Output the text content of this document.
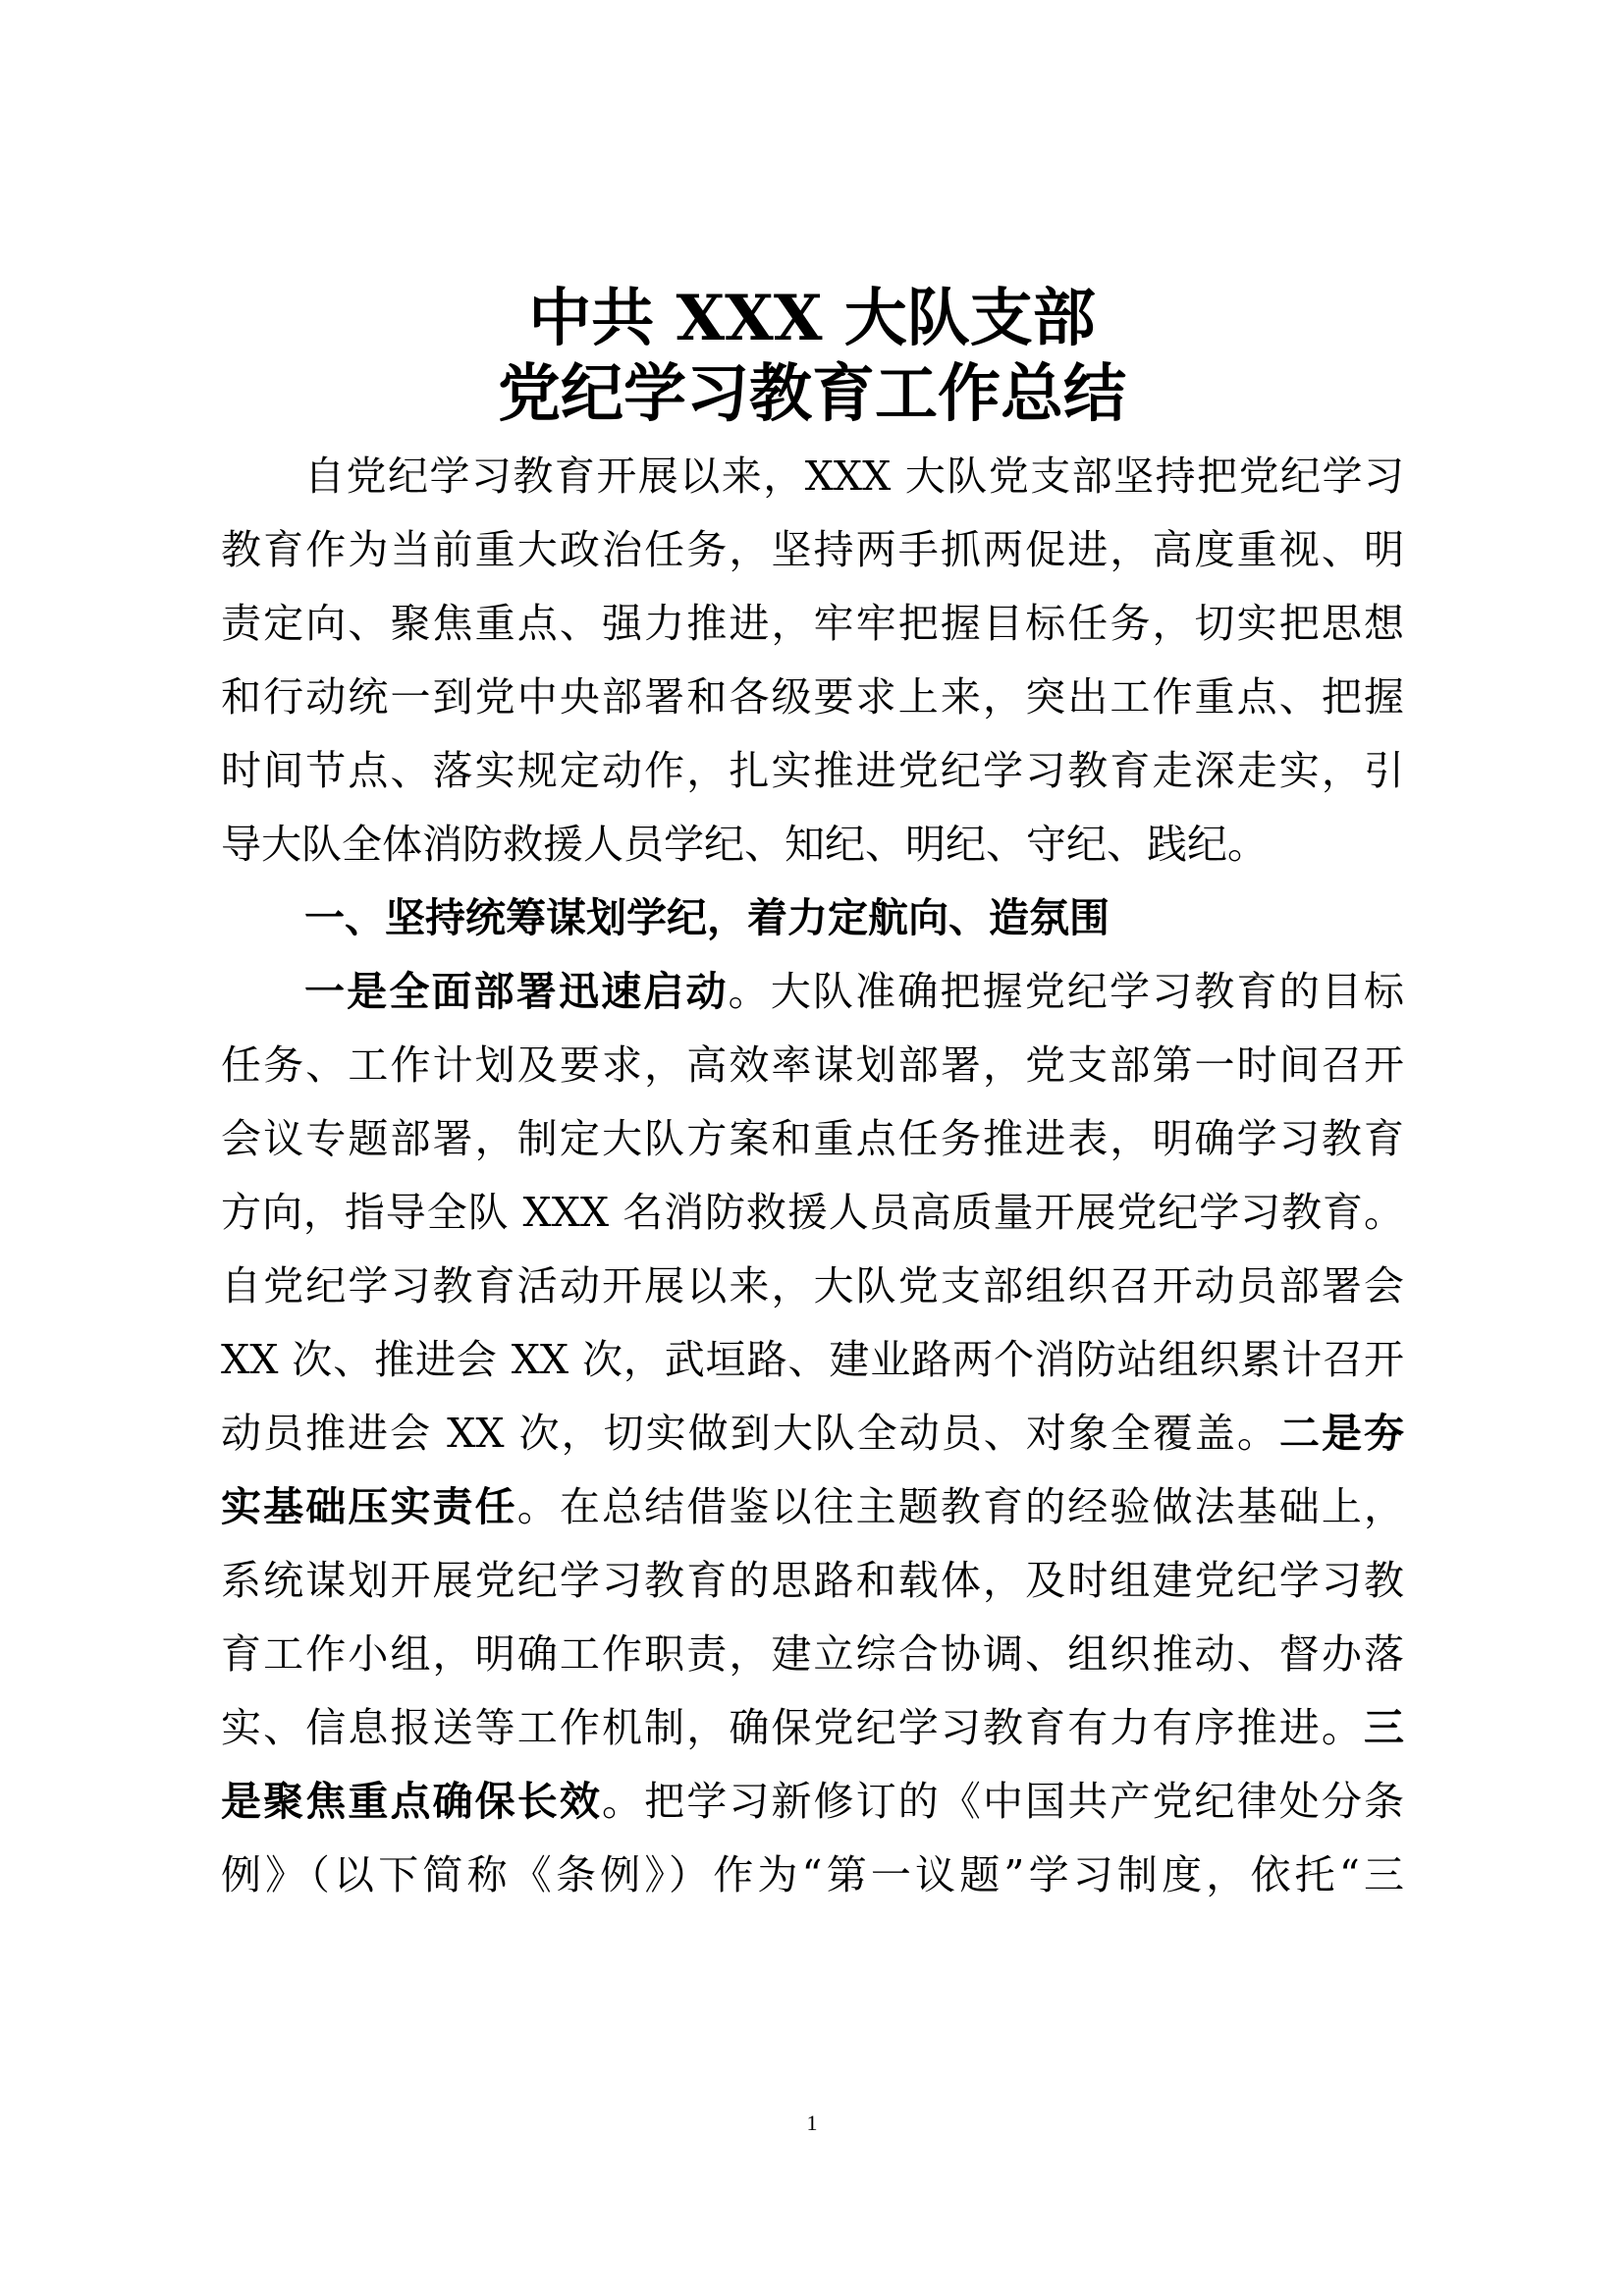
中共 XXX 大队支部
党纪学习教育工作总结
自党纪学习教育开展以来，XXX 大队党支部坚持把党纪学习
教育作为当前重大政治任务，坚持两手抓两促进，高度重视、明
责定向、聚焦重点、强力推进，牢牢把握目标任务，切实把思想
和行动统一到党中央部署和各级要求上来，突出工作重点、把握
时间节点、落实规定动作，扎实推进党纪学习教育走深走实，引
导大队全体消防救援人员学纪、知纪、明纪、守纪、践纪。
一、坚持统筹谋划学纪，着力定航向、造氛围
一是全面部署迅速启动。大队准确把握党纪学习教育的目标
任务、工作计划及要求，高效率谋划部署，党支部第一时间召开
会议专题部署，制定大队方案和重点任务推进表，明确学习教育
方向，指导全队 XXX 名消防救援人员高质量开展党纪学习教育。
自党纪学习教育活动开展以来，大队党支部组织召开动员部署会
XX 次、推进会 XX 次，武垣路、建业路两个消防站组织累计召开
动员推进会 XX 次，切实做到大队全动员、对象全覆盖。二是夯
实基础压实责任。在总结借鉴以往主题教育的经验做法基础上，
系统谋划开展党纪学习教育的思路和载体，及时组建党纪学习教
育工作小组，明确工作职责，建立综合协调、组织推动、督办落
实、信息报送等工作机制，确保党纪学习教育有力有序推进。三
是聚焦重点确保长效。把学习新修订的《中国共产党纪律处分条
例》（以下简称《条例》）作为“第一议题”学习制度，依托“三
1
